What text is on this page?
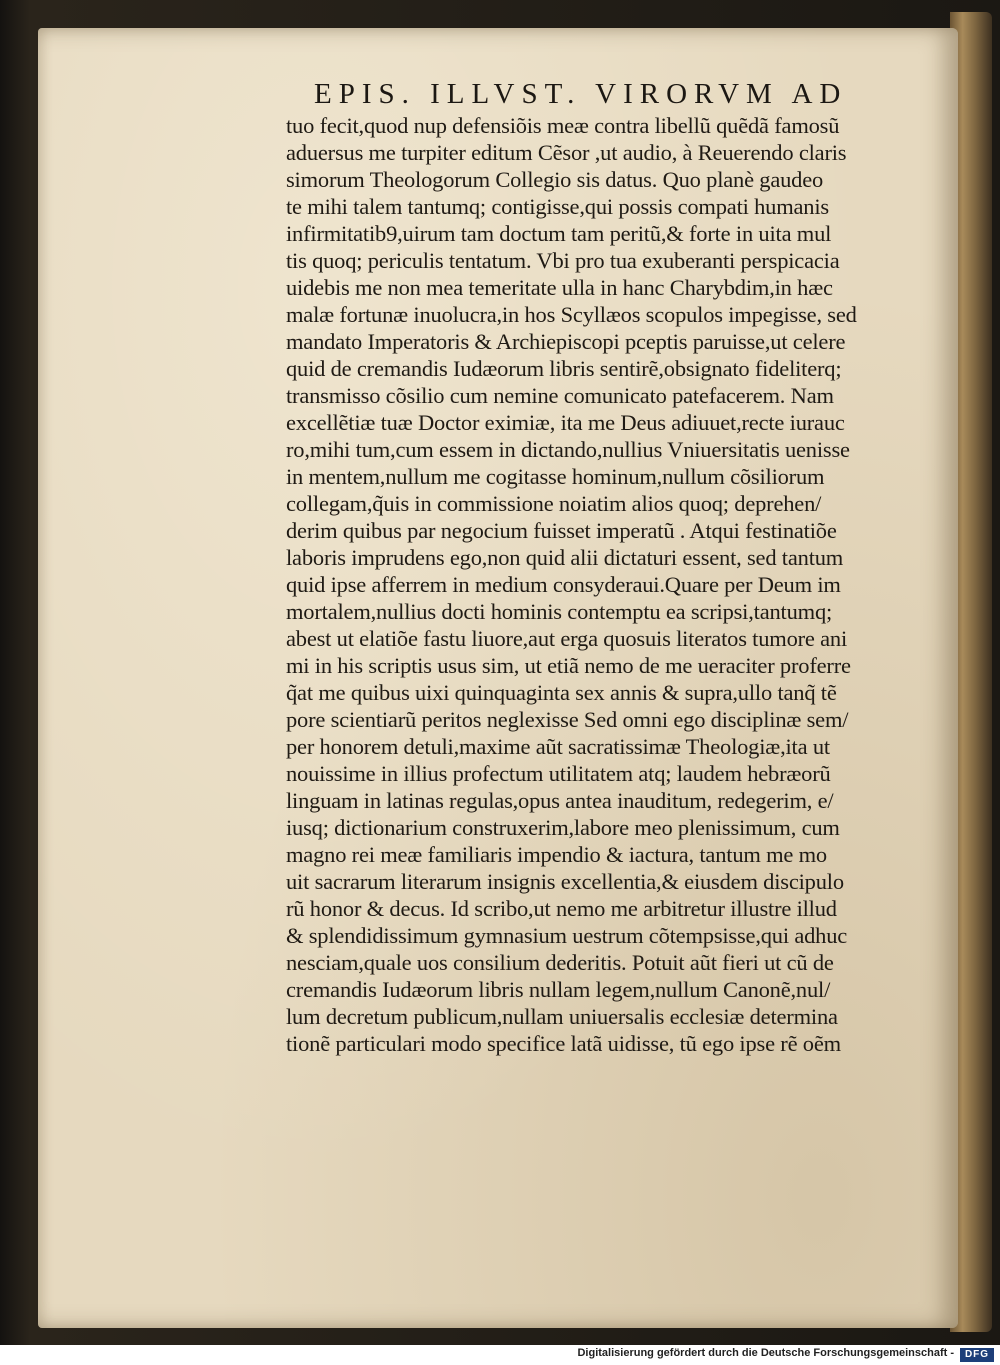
EPIS. ILLVST. VIRORVM AD
tuo fecit,quod nup defensiõis meæ contra libellũ quẽdã famosũ
aduersus me turpiter editum Cẽsor ,ut audio, à Reuerendo claris
simorum Theologorum Collegio sis datus. Quo planè gaudeo
te mihi talem tantumq; contigisse,qui possis compati humanis
infirmitatib9,uirum tam doctum tam peritũ,& forte in uita mul
tis quoq; periculis tentatum. Vbi pro tua exuberanti perspicacia
uidebis me non mea temeritate ulla in hanc Charybdim,in hæc
malæ fortunæ inuolucra,in hos Scyllæos scopulos impegisse, sed
mandato Imperatoris & Archiepiscopi pceptis paruisse,ut celere
quid de cremandis Iudæorum libris sentirẽ,obsignato fideliterq;
transmisso cõsilio cum nemine comunicato patefacerem. Nam
excellẽtiæ tuæ Doctor eximiæ, ita me Deus adiuuet,recte iurauc
ro,mihi tum,cum essem in dictando,nullius Vniuersitatis uenisse
in mentem,nullum me cogitasse hominum,nullum cõsiliorum
collegam,q̃uis in commissione noiatim alios quoq; deprehen/
derim quibus par negocium fuisset imperatũ . Atqui festinatiõe
laboris imprudens ego,non quid alii dictaturi essent, sed tantum
quid ipse afferrem in medium consyderaui.Quare per Deum im
mortalem,nullius docti hominis contemptu ea scripsi,tantumq;
abest ut elatiõe fastu liuore,aut erga quosuis literatos tumore ani
mi in his scriptis usus sim, ut etiã nemo de me ueraciter proferre
q̃at me quibus uixi quinquaginta sex annis & supra,ullo tanq̃ tẽ
pore scientiarũ peritos neglexisse Sed omni ego disciplinæ sem/
per honorem detuli,maxime aũt sacratissimæ Theologiæ,ita ut
nouissime in illius profectum utilitatem atq; laudem hebræorũ
linguam in latinas regulas,opus antea inauditum, redegerim, e/
iusq; dictionarium construxerim,labore meo plenissimum, cum
magno rei meæ familiaris impendio & iactura, tantum me mo
uit sacrarum literarum insignis excellentia,& eiusdem discipulo
rũ honor & decus. Id scribo,ut nemo me arbitretur illustre illud
& splendidissimum gymnasium uestrum cõtempsisse,qui adhuc
nesciam,quale uos consilium dederitis. Potuit aũt fieri ut cũ de
cremandis Iudæorum libris nullam legem,nullum Canonẽ,nul/
lum decretum publicum,nullam uniuersalis ecclesiæ determina
tionẽ particulari modo specifice latã uidisse, tũ ego ipse rẽ oẽm
Digitalisierung gefördert durch die Deutsche Forschungsgemeinschaft -	DFG
